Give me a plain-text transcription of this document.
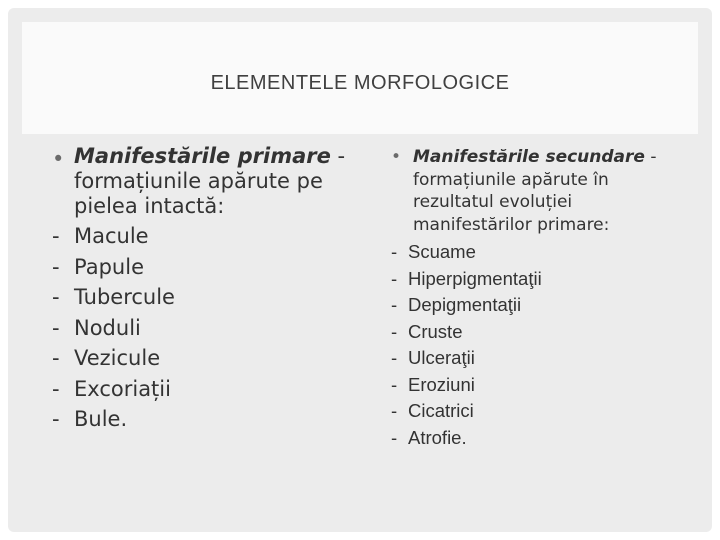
ELEMENTELE MORFOLOGICE
• Manifestările primare - formațiunile apărute pe pielea intactă:
- Macule
- Papule
- Tubercule
- Noduli
- Vezicule
- Excoriații
- Bule.
• Manifestările secundare - formațiunile apărute în rezultatul evoluției manifestărilor primare:
- Scuame
- Hiperpigmentaţii
- Depigmentaţii
- Cruste
- Ulceraţii
- Eroziuni
- Cicatrici
- Atrofie.
